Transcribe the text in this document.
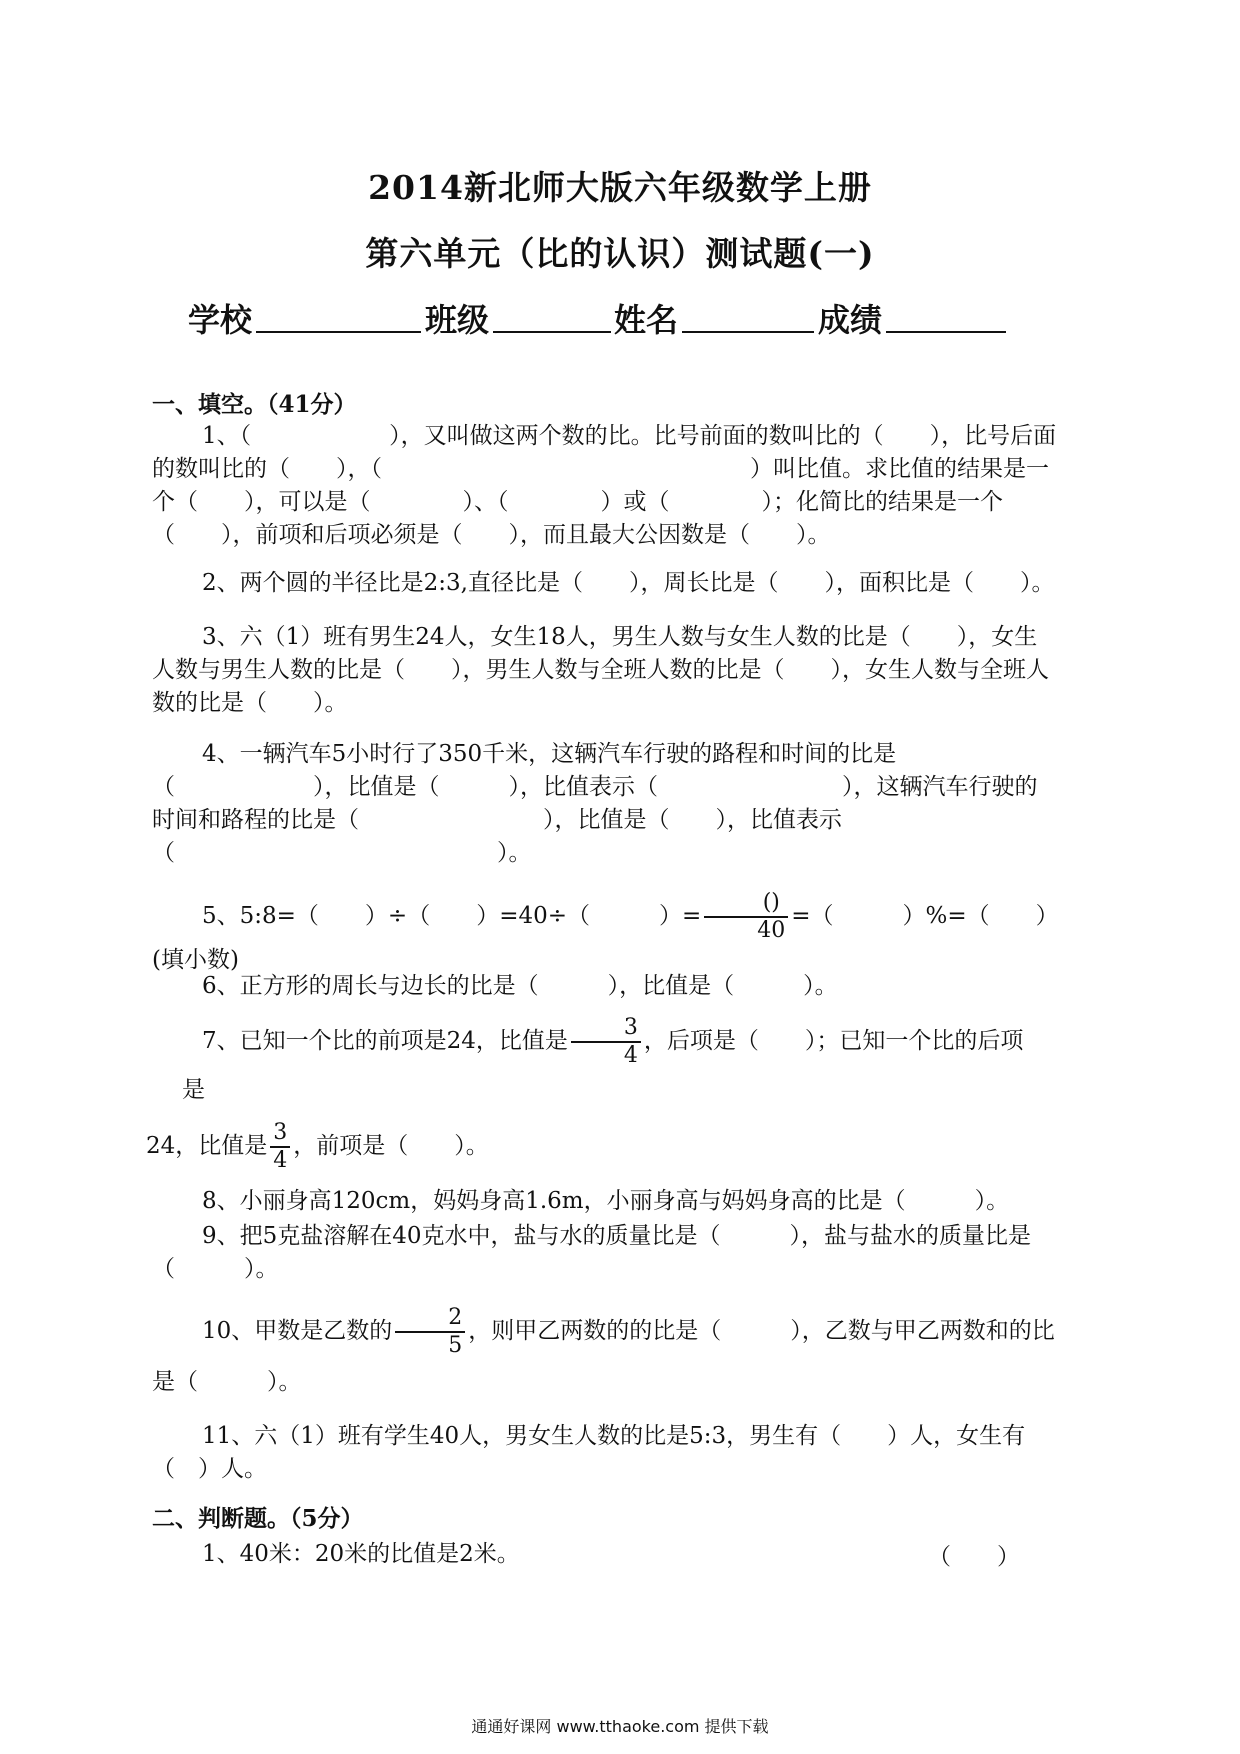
2014新北师大版六年级数学上册
第六单元（比的认识）测试题(一)
学校	班级	姓名	成绩
一、填空。（41分）
1、（　　　　　　），又叫做这两个数的比。比号前面的数叫比的（　　），比号后面的数叫比的（　　），（　　　　　　　　　　　　　　　　）叫比值。求比值的结果是一个（　　），可以是（　　　　）、（　　　　）或（　　　　）；化简比的结果是一个（　　），前项和后项必须是（　　），而且最大公因数是（　　）。
2、两个圆的半径比是2:3,直径比是（　　），周长比是（　　），面积比是（　　）。
3、六（1）班有男生24人，女生18人，男生人数与女生人数的比是（　　），女生人数与男生人数的比是（　　），男生人数与全班人数的比是（　　），女生人数与全班人数的比是（　　）。
4、一辆汽车5小时行了350千米，这辆汽车行驶的路程和时间的比是（　　　　　　），比值是（　　　），比值表示（　　　　　　　　），这辆汽车行驶的时间和路程的比是（　　　　　　　　），比值是（　　），比值表示（　　　　　　　　　　　　　　）。
5、5:8=（　　）÷（　　）=40÷（　　　）= $\frac{()}{40}$ =（　　　）%=（　　）(填小数)
6、正方形的周长与边长的比是（　　　），比值是（　　　）。
7、已知一个比的前项是24，比值是 $\frac{3}{4}$ ，后项是（　　）；已知一个比的后项
是
24，比值是 $\frac{3}{4}$ ，前项是（　　）。
8、小丽身高120cm，妈妈身高1.6m，小丽身高与妈妈身高的比是（　　　）。
9、把5克盐溶解在40克水中，盐与水的质量比是（　　　），盐与盐水的质量比是（　　　）。
10、甲数是乙数的 $\frac{2}{5}$ ，则甲乙两数的的比是（　　　），乙数与甲乙两数和的比
是（　　　）。
11、六（1）班有学生40人，男女生人数的比是5:3，男生有（　　）人，女生有（　）人。
二、判断题。（5分）
1、40米：20米的比值是2米。	（　　）
通通好课网 www.tthaoke.com 提供下载
